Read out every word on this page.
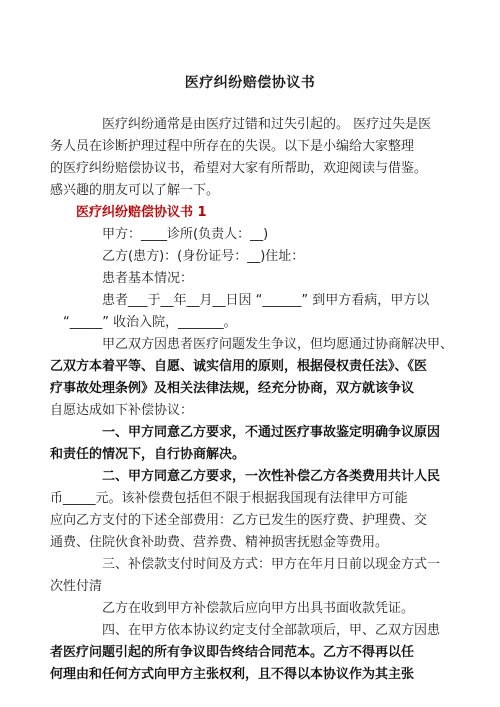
医疗纠纷赔偿协议书
医疗纠纷通常是由医疗过错和过失引起的。 医疗过失是医
务人员在诊断护理过程中所存在的失误。以下是小编给大家整理
的医疗纠纷赔偿协议书，希望对大家有所帮助，欢迎阅读与借鉴。
感兴趣的朋友可以了解一下。
医疗纠纷赔偿协议书 1
甲方：____诊所(负责人：__)
乙方(患方)：(身份证号：__)住址：
患者基本情况：
患者___于__年__月__日因 “______” 到甲方看病，甲方以
“_____” 收治入院，_______。
甲乙双方因患者医疗问题发生争议，但均愿通过协商解决甲、
乙双方本着平等、自愿、诚实信用的原则，根据侵权责任法》、《医
疗事故处理条例》及相关法律法规，经充分协商，双方就该争议
自愿达成如下补偿协议：
一、甲方同意乙方要求，不通过医疗事故鉴定明确争议原因
和责任的情况下，自行协商解决。
二、甲方同意乙方要求，一次性补偿乙方各类费用共计人民
币_____元。该补偿费包括但不限于根据我国现有法律甲方可能
应向乙方支付的下述全部费用：乙方已发生的医疗费、护理费、交
通费、住院伙食补助费、营养费、精神损害抚慰金等费用。
三、补偿款支付时间及方式：甲方在年月日前以现金方式一
次性付清
乙方在收到甲方补偿款后应向甲方出具书面收款凭证。
四、在甲方依本协议约定支付全部款项后，甲、乙双方因患
者医疗问题引起的所有争议即告终结合同范本。乙方不得再以任
何理由和任何方式向甲方主张权利，且不得以本协议作为其主张
